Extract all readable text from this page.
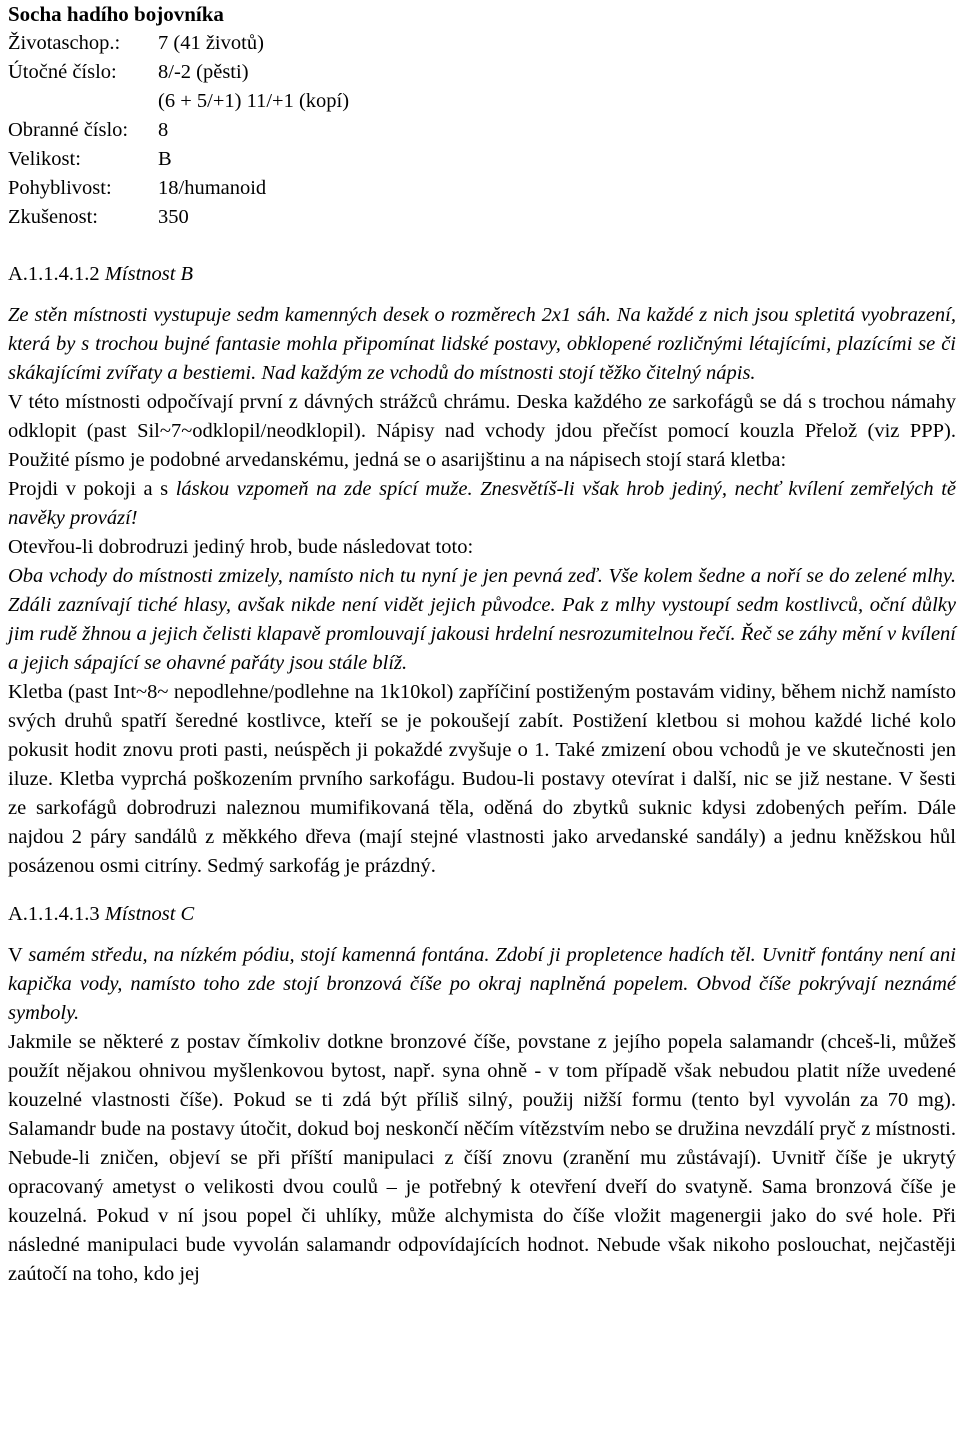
Socha hadího bojovníka
Životaschop.:	7 (41 životů)
Útočné číslo:	8/-2 (pěsti)
(6 + 5/+1) 11/+1 (kopí)
Obranné číslo:	8
Velikost:	B
Pohyblivost:	18/humanoid
Zkušenost:	350
A.1.1.4.1.2 Místnost B
Ze stěn místnosti vystupuje sedm kamenných desek o rozměrech 2x1 sáh. Na každé z nich jsou spletitá vyobrazení, která by s trochou bujné fantasie mohla připomínat lidské postavy, obklopené rozličnými létajícími, plazícími se či skákajícími zvířaty a bestiemi. Nad každým ze vchodů do místnosti stojí těžko čitelný nápis.
V této místnosti odpočívají první z dávných strážců chrámu. Deska každého ze sarkofágů se dá s trochou námahy odklopit (past Sil~7~odklopil/neodklopil). Nápisy nad vchody jdou přečíst pomocí kouzla Přelož (viz PPP). Použité písmo je podobné arvedanskému, jedná se o asarijštinu a na nápisech stojí stará kletba:
Projdi v pokoji a s láskou vzpomeň na zde spící muže. Znesvětíš-li však hrob jediný, nechť kvílení zemřelých tě navěky provází!
Otevřou-li dobrodruzi jediný hrob, bude následovat toto:
Oba vchody do místnosti zmizely, namísto nich tu nyní je jen pevná zeď. Vše kolem šedne a noří se do zelené mlhy. Zdáli zaznívají tiché hlasy, avšak nikde není vidět jejich původce. Pak z mlhy vystoupí sedm kostlivců, oční důlky jim rudě žhnou a jejich čelisti klapavě promlouvají jakousi hrdelní nesrozumitelnou řečí. Řeč se záhy mění v kvílení a jejich sápající se ohavné pařáty jsou stále blíž.
Kletba (past Int~8~ nepodlehne/podlehne na 1k10kol) zapříčiní postiženým postavám vidiny, během nichž namísto svých druhů spatří šeredné kostlivce, kteří se je pokoušejí zabít. Postižení kletbou si mohou každé liché kolo pokusit hodit znovu proti pasti, neúspěch ji pokaždé zvyšuje o 1. Také zmizení obou vchodů je ve skutečnosti jen iluze. Kletba vyprchá poškozením prvního sarkofágu. Budou-li postavy otevírat i další, nic se již nestane. V šesti ze sarkofágů dobrodruzi naleznou mumifikovaná těla, oděná do zbytků suknic kdysi zdobených peřím. Dále najdou 2 páry sandálů z měkkého dřeva (mají stejné vlastnosti jako arvedanské sandály) a jednu kněžskou hůl posázenou osmi citríny. Sedmý sarkofág je prázdný.
A.1.1.4.1.3 Místnost C
V samém středu, na nízkém pódiu, stojí kamenná fontána. Zdobí ji propletence hadích těl. Uvnitř fontány není ani kapička vody, namísto toho zde stojí bronzová číše po okraj naplněná popelem. Obvod číše pokrývají neznámé symboly.
Jakmile se některé z postav čímkoliv dotkne bronzové číše, povstane z jejího popela salamandr (chceš-li, můžeš použít nějakou ohnivou myšlenkovou bytost, např. syna ohně - v tom případě však nebudou platit níže uvedené kouzelné vlastnosti číše). Pokud se ti zdá být příliš silný, použij nižší formu (tento byl vyvolán za 70 mg). Salamandr bude na postavy útočit, dokud boj neskončí něčím vítězstvím nebo se družina nevzdálí pryč z místnosti. Nebude-li zničen, objeví se při příští manipulaci z číší znovu (zranění mu zůstávají). Uvnitř číše je ukrytý opracovaný ametyst o velikosti dvou coulů – je potřebný k otevření dveří do svatyně. Sama bronzová číše je kouzelná. Pokud v ní jsou popel či uhlíky, může alchymista do číše vložit magenergii jako do své hole. Při následné manipulaci bude vyvolán salamandr odpovídajících hodnot. Nebude však nikoho poslouchat, nejčastěji zaútočí na toho, kdo jej
